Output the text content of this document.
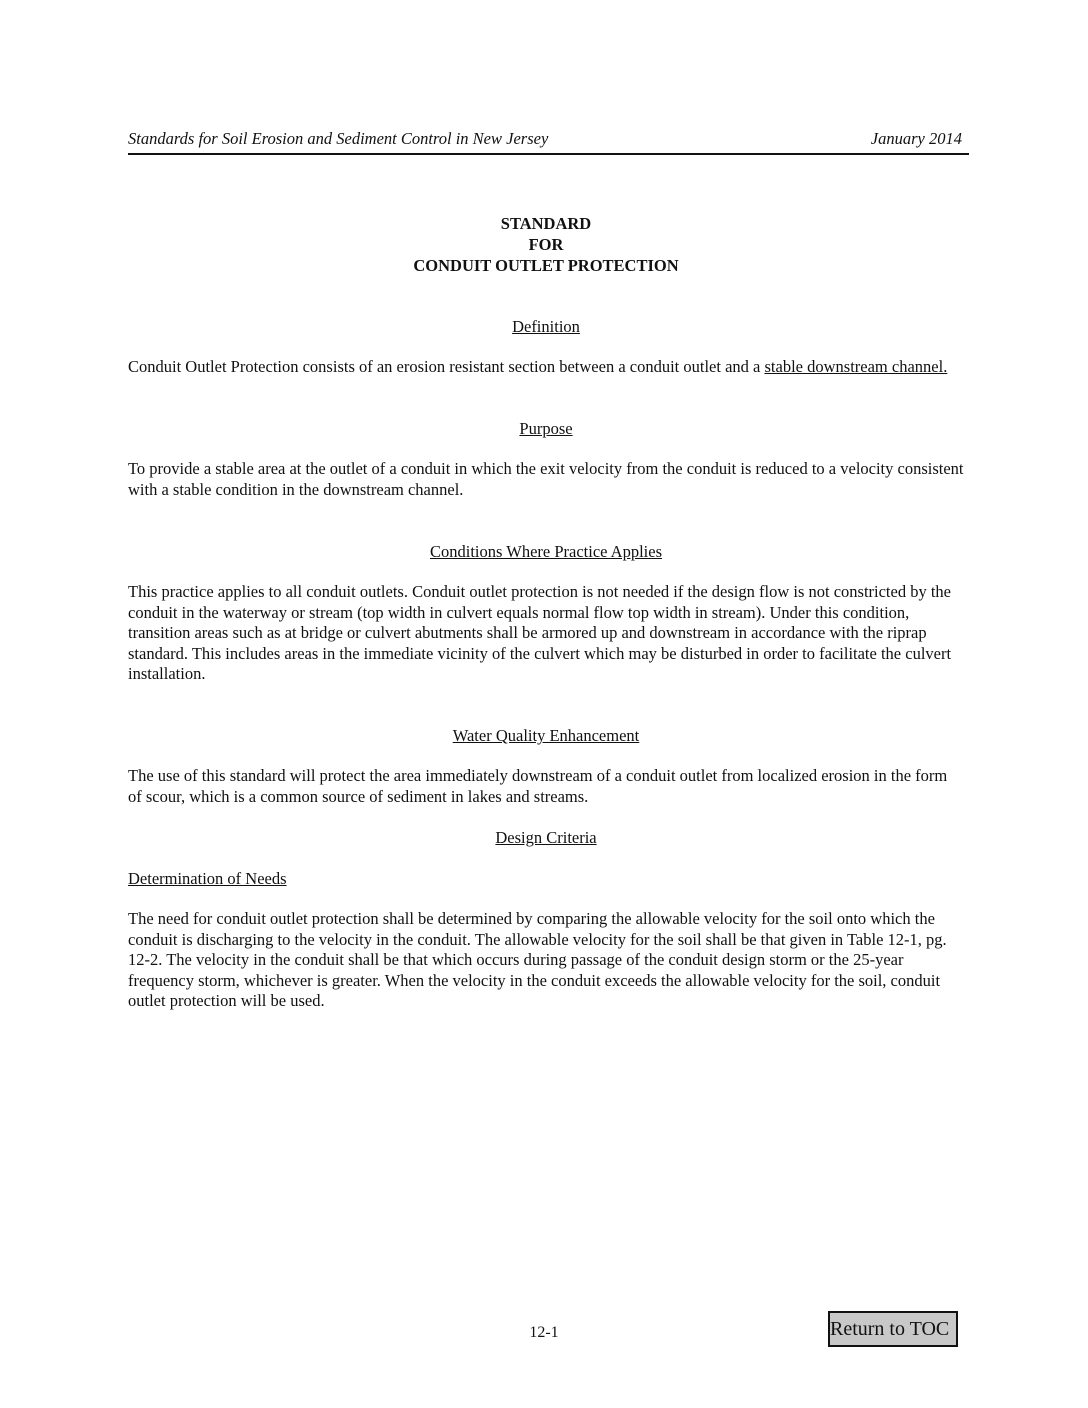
Standards for Soil Erosion and Sediment Control in New Jersey	January 2014
STANDARD
FOR
CONDUIT OUTLET PROTECTION
Definition

Conduit Outlet Protection consists of an erosion resistant section between a conduit outlet and a stable downstream channel.

Purpose

To provide a stable area at the outlet of a conduit in which the exit velocity from the conduit is reduced to a velocity consistent with a stable condition in the downstream channel.

Conditions Where Practice Applies

This practice applies to all conduit outlets. Conduit outlet protection is not needed if the design flow is not constricted by the conduit in the waterway or stream (top width in culvert equals normal flow top width in stream). Under this condition, transition areas such as at bridge or culvert abutments shall be armored up and downstream in accordance with the riprap standard. This includes areas in the immediate vicinity of the culvert which may be disturbed in order to facilitate the culvert installation.

Water Quality Enhancement

The use of this standard will protect the area immediately downstream of a conduit outlet from localized erosion in the form of scour, which is a common source of sediment in lakes and streams.

Design Criteria
Determination of Needs

The need for conduit outlet protection shall be determined by comparing the allowable velocity for the soil onto which the conduit is discharging to the velocity in the conduit. The allowable velocity for the soil shall be that given in Table 12-1, pg. 12-2. The velocity in the conduit shall be that which occurs during passage of the conduit design storm or the 25-year frequency storm, whichever is greater. When the velocity in the conduit exceeds the allowable velocity for the soil, conduit outlet protection will be used.

12-1	Return to TOC
